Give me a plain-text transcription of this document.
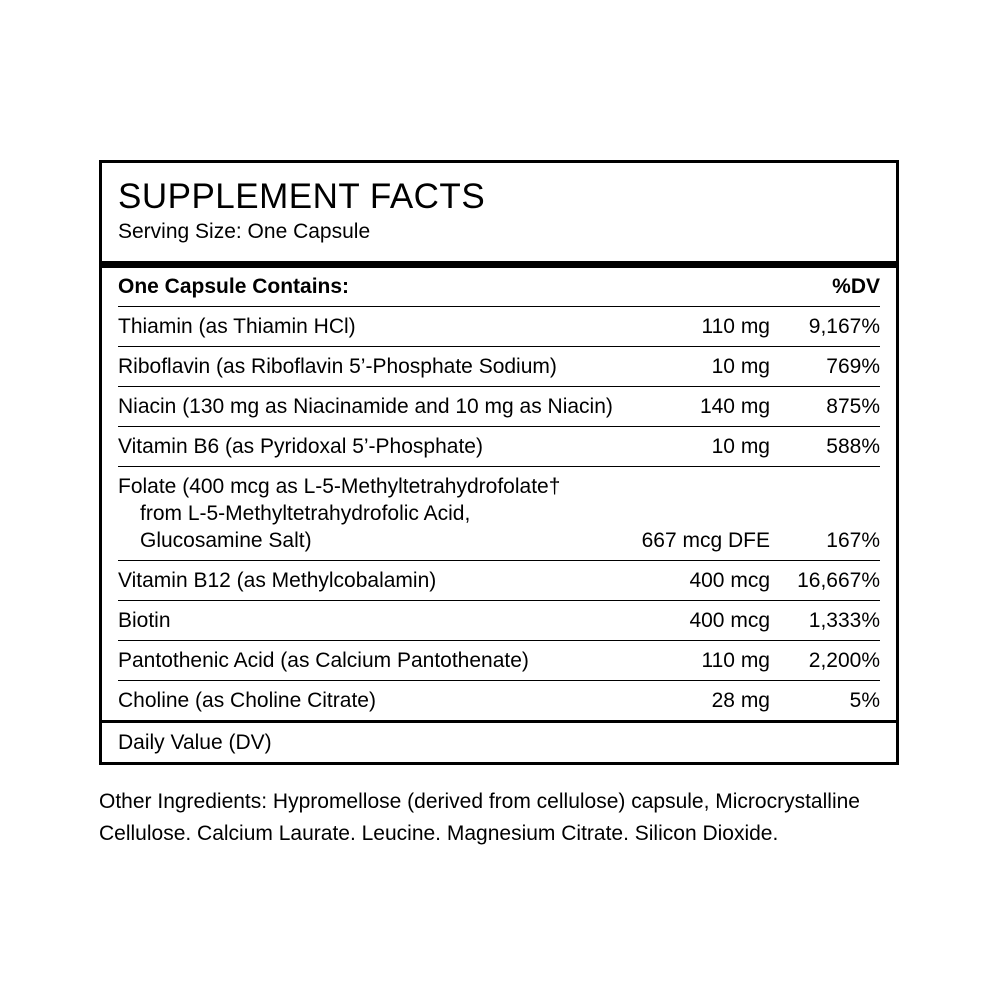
SUPPLEMENT FACTS
Serving Size: One Capsule
One Capsule Contains:		%DV

Thiamin (as Thiamin HCl)	110 mg	9,167%

Riboflavin (as Riboflavin 5’-Phosphate Sodium)	10 mg	769%

Niacin (130 mg as Niacinamide and 10 mg as Niacin)	140 mg	875%

Vitamin B6 (as Pyridoxal 5’-Phosphate)	10 mg	588%

Folate (400 mcg as L-5-Methyltetrahydrofolate†
from L-5-Methyltetrahydrofolic Acid,
Glucosamine Salt)	667 mcg DFE	167%

Vitamin B12 (as Methylcobalamin)	400 mcg	16,667%

Biotin	400 mcg	1,333%

Pantothenic Acid (as Calcium Pantothenate)	110 mg	2,200%

Choline (as Choline Citrate)	28 mg	5%
Daily Value (DV)
Other Ingredients: Hypromellose (derived from cellulose) capsule, Microcrystalline Cellulose. Calcium Laurate. Leucine. Magnesium Citrate. Silicon Dioxide.
